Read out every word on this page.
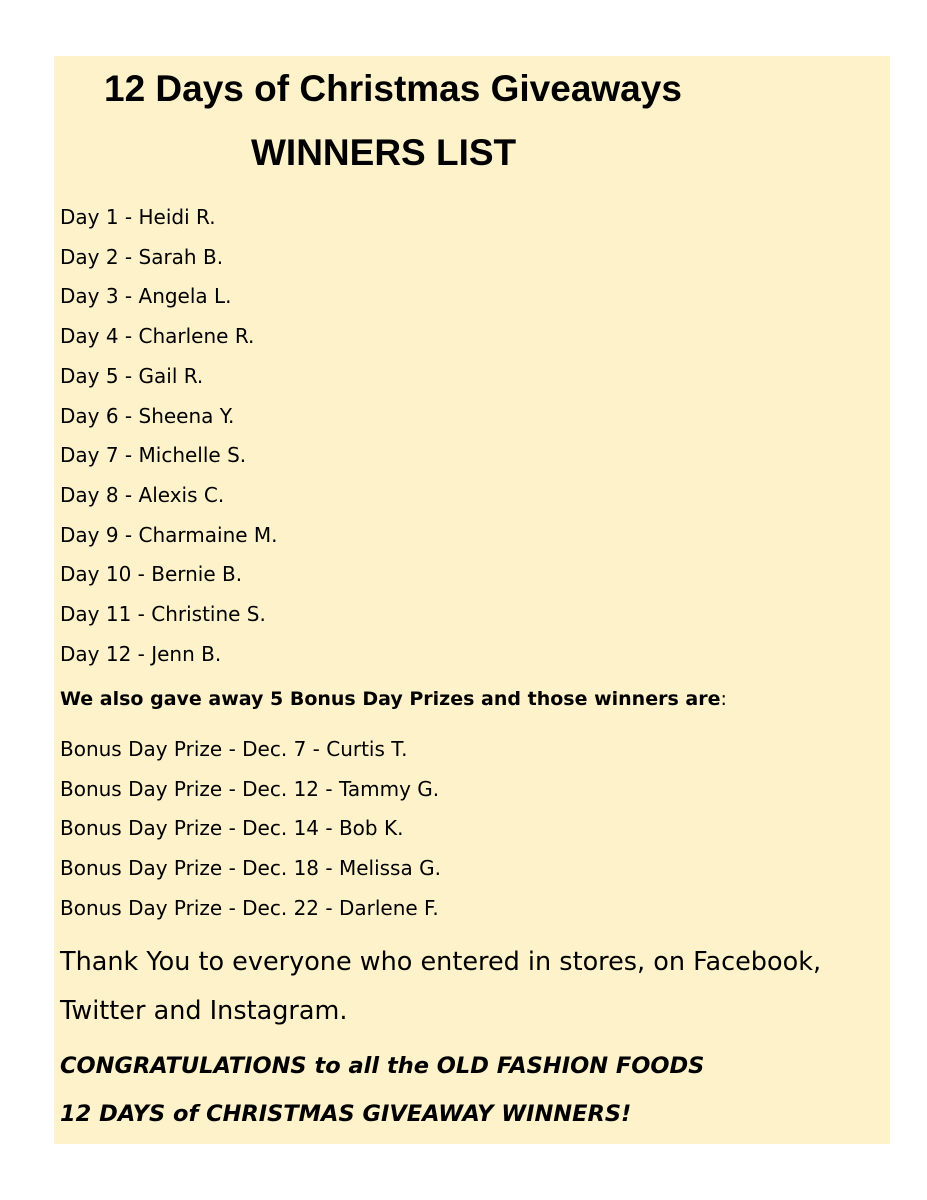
12 Days of Christmas Giveaways
WINNERS LIST
Day 1 - Heidi R.
Day 2 - Sarah B.
Day 3 - Angela L.
Day 4 - Charlene R.
Day 5 - Gail R.
Day 6 - Sheena Y.
Day 7 - Michelle S.
Day 8 - Alexis C.
Day 9 - Charmaine M.
Day 10 - Bernie B.
Day 11 - Christine S.
Day 12 - Jenn B.

We also gave away 5 Bonus Day Prizes and those winners are:

Bonus Day Prize - Dec. 7 - Curtis T.
Bonus Day Prize - Dec. 12 - Tammy G.
Bonus Day Prize - Dec. 14 - Bob K.
Bonus Day Prize - Dec. 18 - Melissa G.
Bonus Day Prize - Dec. 22 - Darlene F.

Thank You to everyone who entered in stores, on Facebook, Twitter and Instagram.

CONGRATULATIONS to all the OLD FASHION FOODS
12 DAYS of CHRISTMAS GIVEAWAY WINNERS!
